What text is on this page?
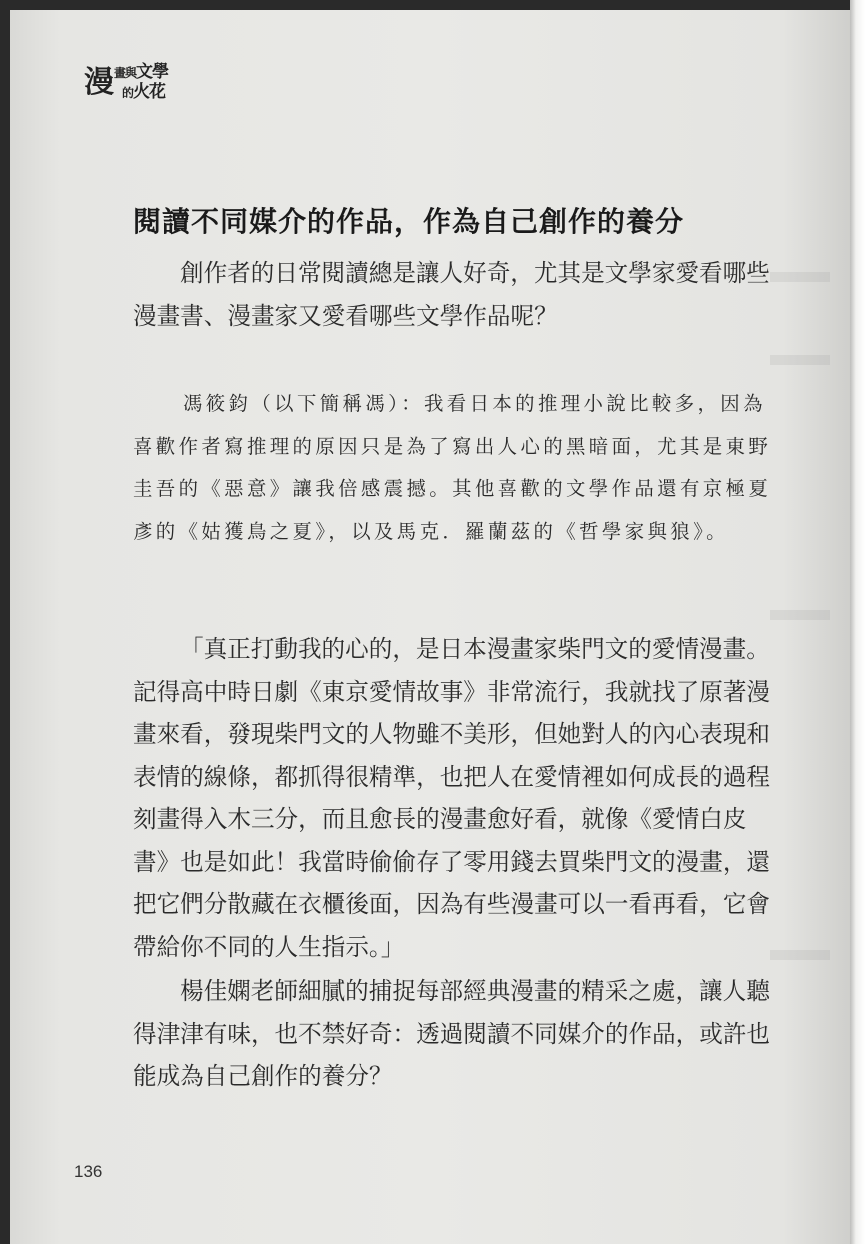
漫 畫與文學
的火花
閱讀不同媒介的作品，作為自己創作的養分

創作者的日常閱讀總是讓人好奇，尤其是文學家愛看哪些漫畫書、漫畫家又愛看哪些文學作品呢？

馮筱鈞（以下簡稱馮）：我看日本的推理小說比較多，因為喜歡作者寫推理的原因只是為了寫出人心的黑暗面，尤其是東野圭吾的《惡意》讓我倍感震撼。其他喜歡的文學作品還有京極夏彥的《姑獲鳥之夏》，以及馬克．羅蘭茲的《哲學家與狼》。

「真正打動我的心的，是日本漫畫家柴門文的愛情漫畫。記得高中時日劇《東京愛情故事》非常流行，我就找了原著漫畫來看，發現柴門文的人物雖不美形，但她對人的內心表現和表情的線條，都抓得很精準，也把人在愛情裡如何成長的過程刻畫得入木三分，而且愈長的漫畫愈好看，就像《愛情白皮書》也是如此！我當時偷偷存了零用錢去買柴門文的漫畫，還把它們分散藏在衣櫃後面，因為有些漫畫可以一看再看，它會帶給你不同的人生指示。」

楊佳嫻老師細膩的捕捉每部經典漫畫的精采之處，讓人聽得津津有味，也不禁好奇：透過閱讀不同媒介的作品，或許也能成為自己創作的養分？

136
